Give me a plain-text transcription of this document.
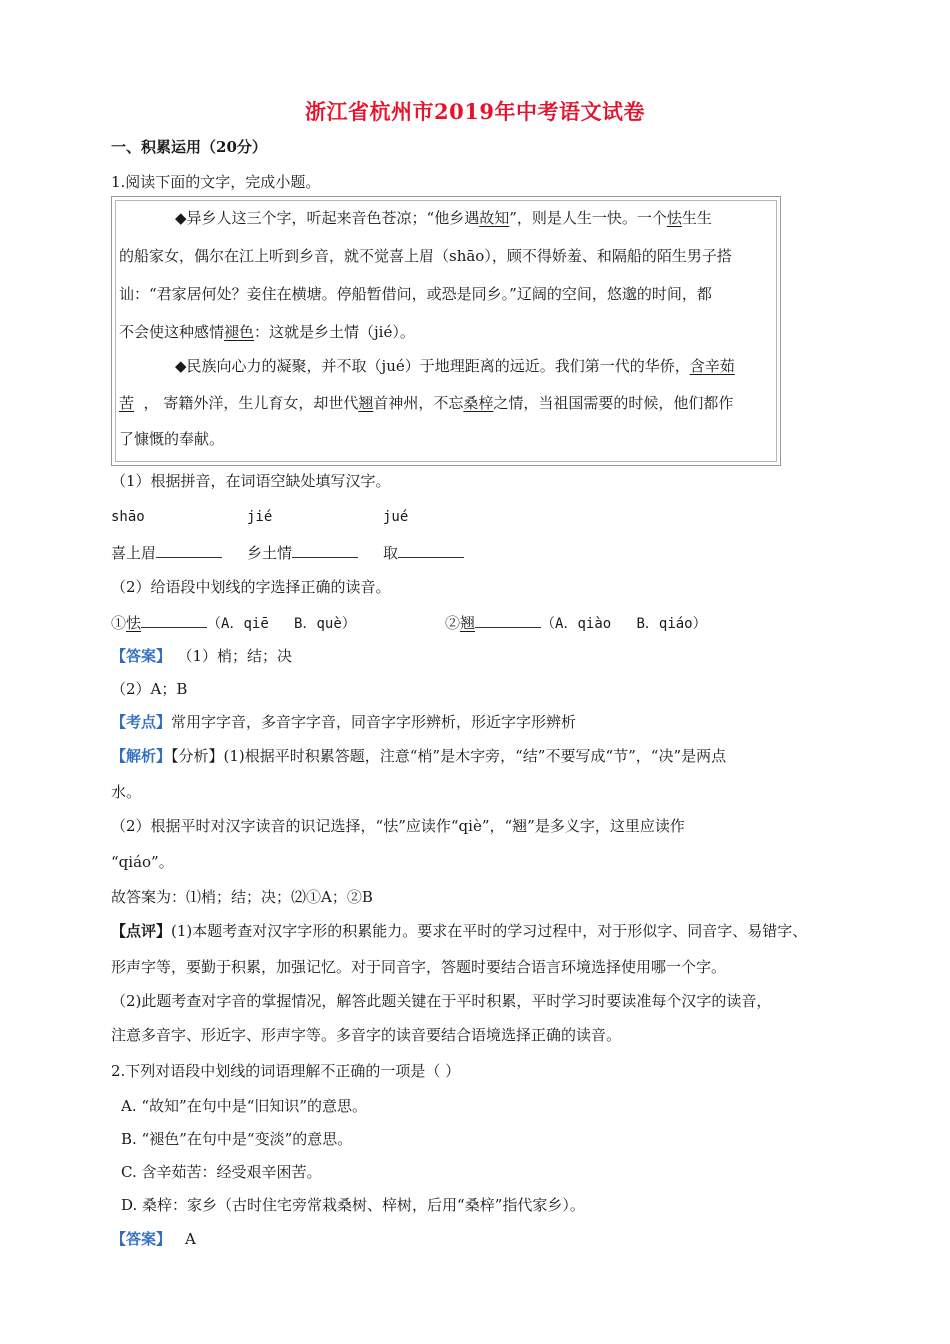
浙江省杭州市2019年中考语文试卷
一、积累运用（20分）
1.阅读下面的文字，完成小题。
◆异乡人这三个字，听起来音色苍凉；“他乡遇故知”，则是人生一快。一个怯生生
的船家女，偶尔在江上听到乡音，就不觉喜上眉（shāo），顾不得娇羞、和隔船的陌生男子搭
讪：“君家居何处？妾住在横塘。停船暂借问，或恐是同乡。”辽阔的空间，悠邈的时间，都
不会使这种感情褪色：这就是乡土情（jié）。
◆民族向心力的凝聚，并不取（jué）于地理距离的远近。我们第一代的华侨，含辛茹
苦  ， 寄籍外洋，生儿育女，却世代翘首神州，不忘桑梓之情，当祖国需要的时候，他们都作
了慷慨的奉献。
（1）根据拼音，在词语空缺处填写汉字。
shāo	jié	jué
喜上眉	乡土情	取
（2）给语段中划线的字选择正确的读音。
①怯	（A．qiē   B．què）	②翘	（A．qiào   B．qiáo）
【答案】 （1）梢；结；决
（2）A；B
【考点】常用字字音，多音字字音，同音字字形辨析，形近字字形辨析
【解析】【分析】(1)根据平时积累答题，注意“梢”是木字旁，“结”不要写成“节”，“决”是两点
水。
（2）根据平时对汉字读音的识记选择，“怯”应读作“qiè”，“翘”是多义字，这里应读作
“qiáo”。
故答案为：⑴梢；结；决；⑵①A；②B
【点评】(1)本题考查对汉字字形的积累能力。要求在平时的学习过程中，对于形似字、同音字、易错字、
形声字等，要勤于积累，加强记忆。对于同音字，答题时要结合语言环境选择使用哪一个字。
（2)此题考查对字音的掌握情况，解答此题关键在于平时积累，平时学习时要读准每个汉字的读音，
注意多音字、形近字、形声字等。多音字的读音要结合语境选择正确的读音。
2.下列对语段中划线的词语理解不正确的一项是（ ）
A. “故知”在句中是“旧知识”的意思。
B. “褪色”在句中是“变淡”的意思。
C. 含辛茹苦：经受艰辛困苦。
D. 桑梓：家乡（古时住宅旁常栽桑树、梓树，后用“桑梓”指代家乡）。
【答案】 A
